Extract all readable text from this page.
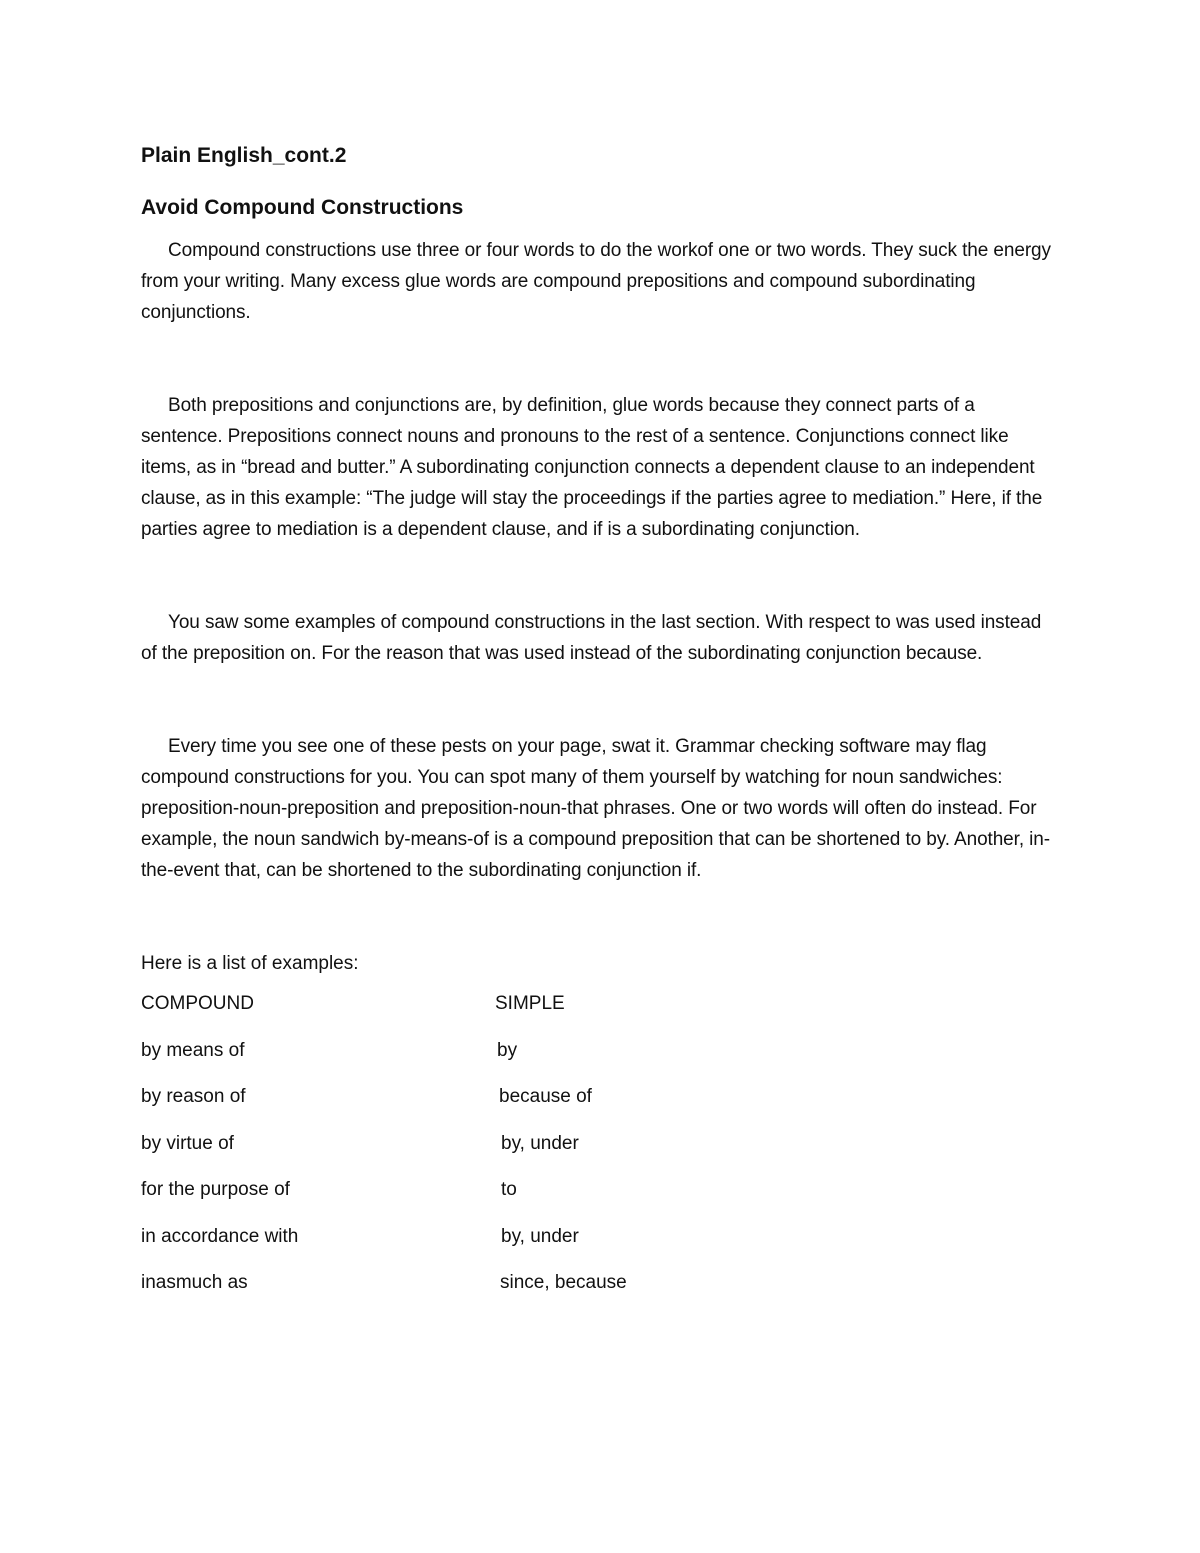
Plain English_cont.2
Avoid Compound Constructions

Compound constructions use three or four words to do the workof one or two words. They suck the energy from your writing. Many excess glue words are compound prepositions and compound subordinating conjunctions.

Both prepositions and conjunctions are, by definition, glue words because they connect parts of a sentence. Prepositions connect nouns and pronouns to the rest of a sentence. Conjunctions connect like items, as in “bread and butter.” A subordinating conjunction connects a dependent clause to an independent clause, as in this example: “The judge will stay the proceedings if the parties agree to mediation.” Here, if the parties agree to mediation is a dependent clause, and if is a subordinating conjunction.

You saw some examples of compound constructions in the last section. With respect to was used instead of the preposition on. For the reason that was used instead of the subordinating conjunction because.

Every time you see one of these pests on your page, swat it. Grammar checking software may flag compound constructions for you. You can spot many of them yourself by watching for noun sandwiches: preposition-noun-preposition and preposition-noun-that phrases. One or two words will often do instead. For example, the noun sandwich by-means-of is a compound preposition that can be shortened to by. Another, in-the-event that, can be shortened to the subordinating conjunction if.

Here is a list of examples:

COMPOUND	SIMPLE
by means of	by
by reason of	because of
by virtue of	by, under
for the purpose of	to
in accordance with	by, under
inasmuch as	since, because
